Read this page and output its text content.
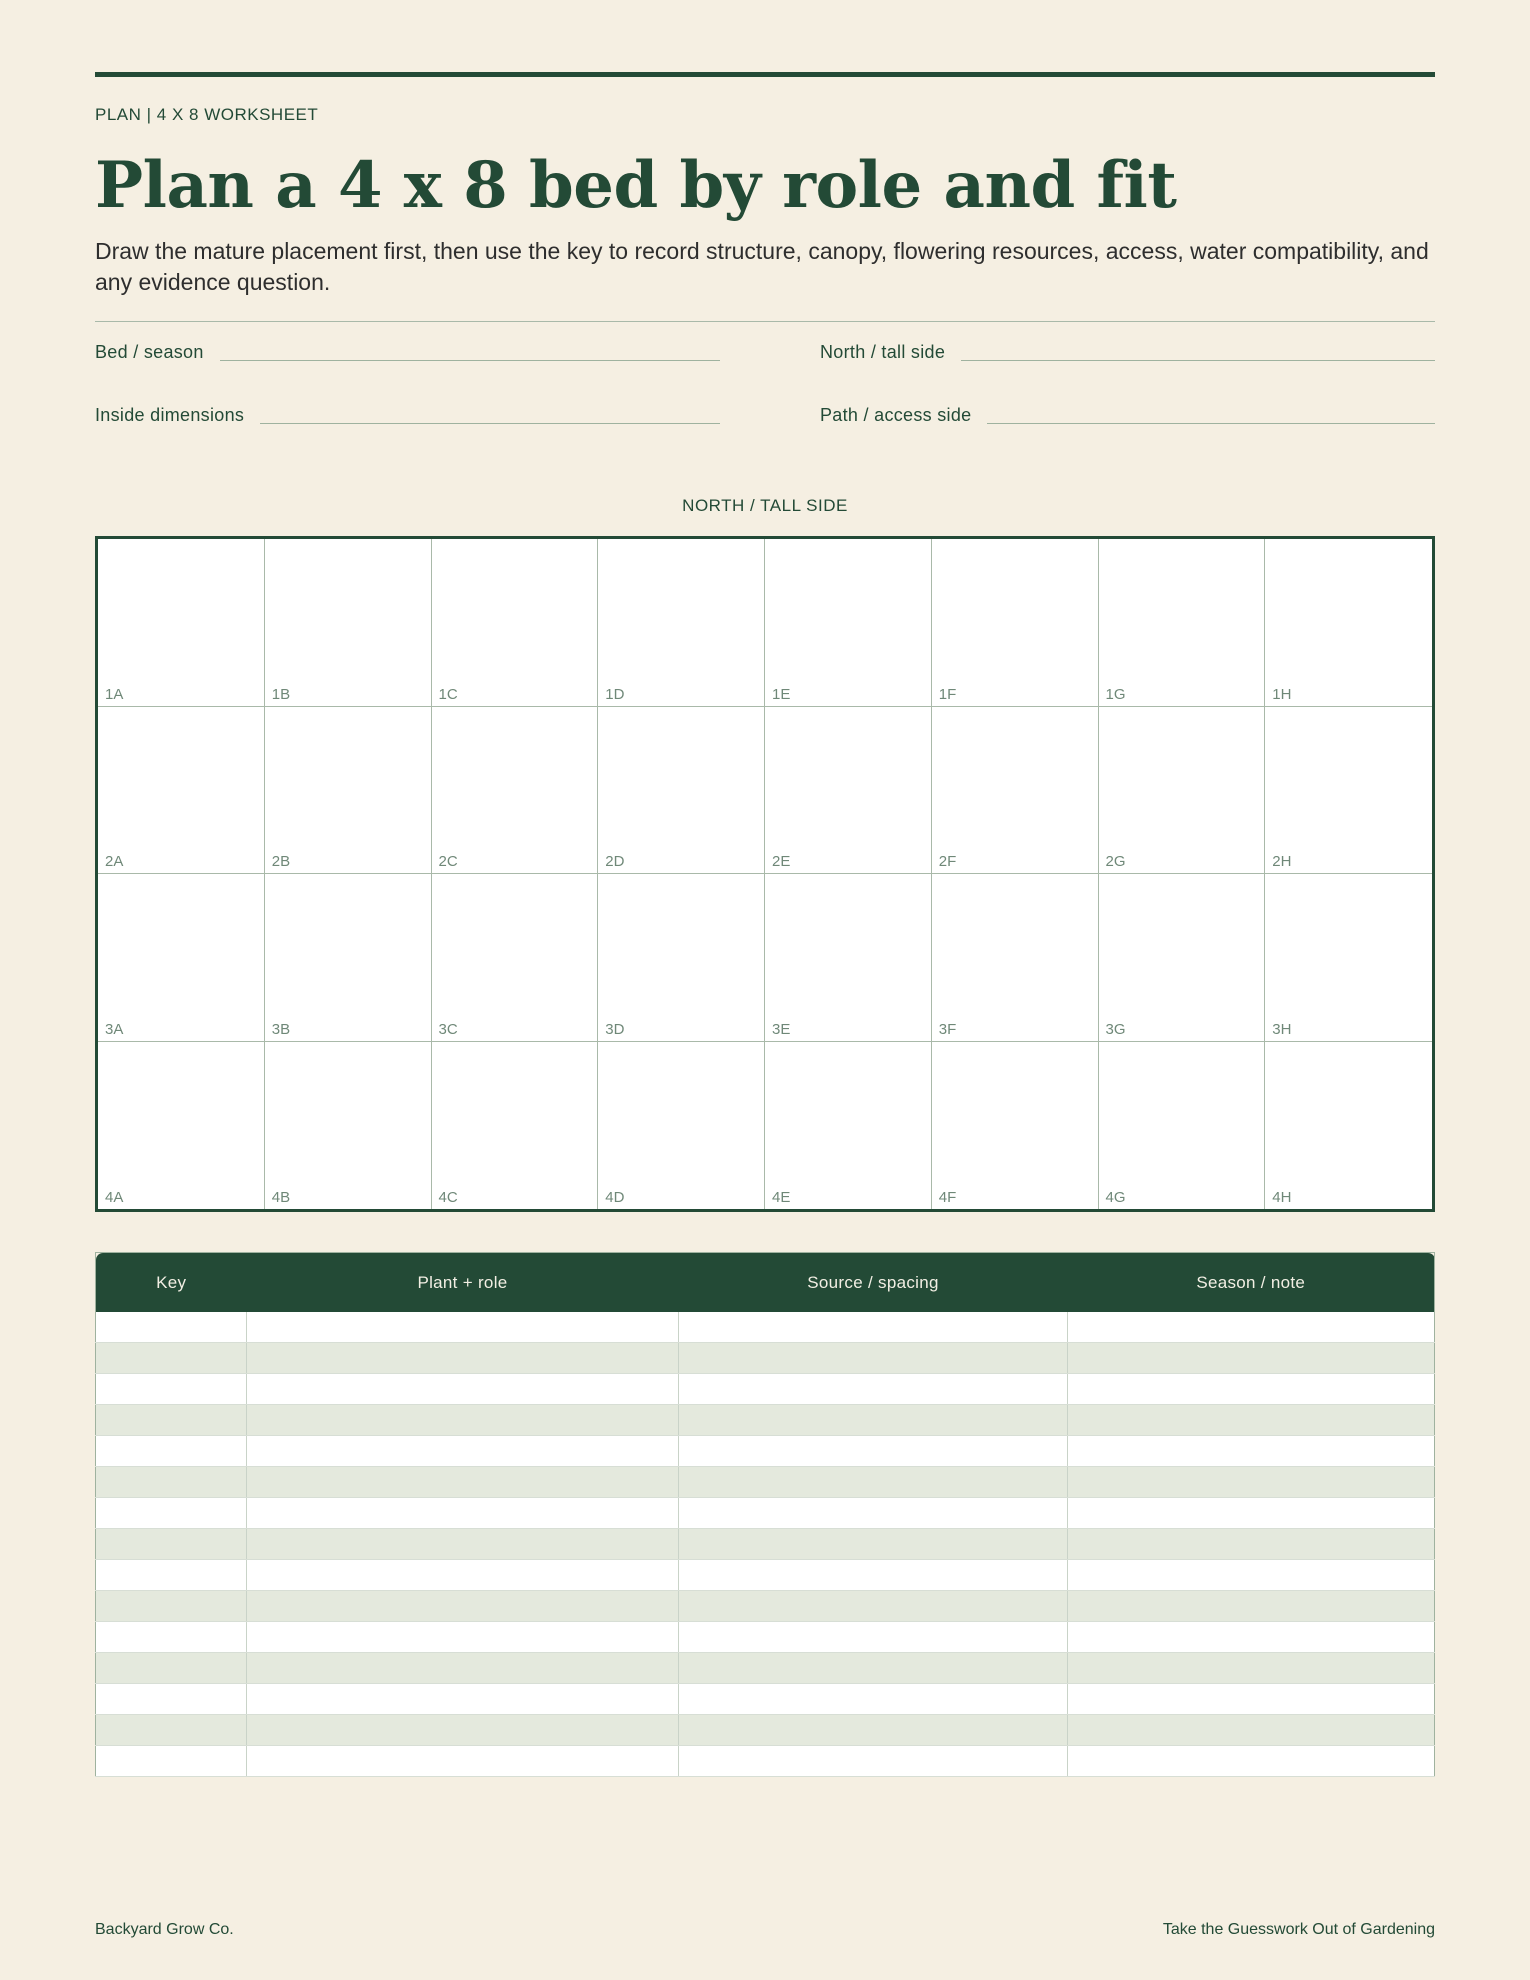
PLAN | 4 X 8 WORKSHEET
Plan a 4 x 8 bed by role and fit

Draw the mature placement first, then use the key to record structure, canopy, flowering resources, access, water compatibility, and any evidence question.

Bed / season	North / tall side
Inside dimensions	Path / access side
NORTH / TALL SIDE
1A	1B	1C	1D	1E	1F	1G	1H
2A	2B	2C	2D	2E	2F	2G	2H
3A	3B	3C	3D	3E	3F	3G	3H
4A	4B	4C	4D	4E	4F	4G	4H
Key	Plant + role	Source / spacing	Season / note

Backyard Grow Co.	Take the Guesswork Out of Gardening
